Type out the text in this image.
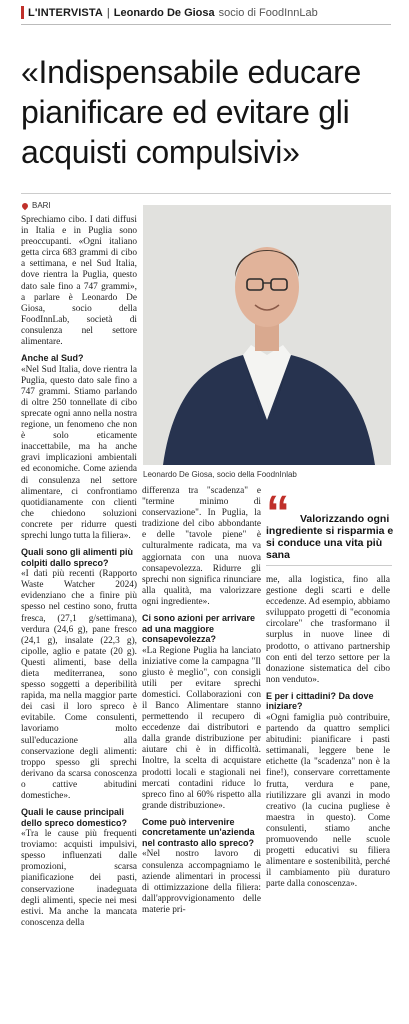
L'INTERVISTA | Leonardo De Giosa socio di FoodInnLab
«Indispensabile educare pianificare ed evitare gli acquisti compulsivi»
BARI

Sprechiamo cibo. I dati diffusi in Italia e in Puglia sono preoccupanti. «Ogni italiano getta circa 683 grammi di cibo a settimana, e nel Sud Italia, dove rientra la Puglia, questo dato sale fino a 747 grammi», a parlare è Leonardo De Giosa, socio della FoodInnLab, società di consulenza nel settore alimentare.

Anche al Sud?

«Nel Sud Italia, dove rientra la Puglia, questo dato sale fino a 747 grammi. Stiamo parlando di oltre 250 tonnellate di cibo sprecate ogni anno nella nostra regione, un fenomeno che non è solo eticamente inaccettabile, ma ha anche gravi implicazioni ambientali ed economiche. Come azienda di consulenza nel settore alimentare, ci confrontiamo quotidianamente con clienti che chiedono soluzioni concrete per ridurre questi sprechi lungo tutta la filiera».

Quali sono gli alimenti più colpiti dallo spreco?

«I dati più recenti (Rapporto Waste Watcher 2024) evidenziano che a finire più spesso nel cestino sono, frutta fresca, (27,1 g/settimana), verdura (24,6 g), pane fresco (24,1 g), insalate (22,3 g), cipolle, aglio e patate (20 g). Questi alimenti, base della dieta mediterranea, sono spesso soggetti a deperibilità rapida, ma nella maggior parte dei casi il loro spreco è evitabile. Come consulenti, lavoriamo molto sull'educazione alla conservazione degli alimenti: troppo spesso gli sprechi derivano da scarsa conoscenza o cattive abitudini domestiche».

Quali le cause principali dello spreco domestico?

«Tra le cause più frequenti troviamo: acquisti impulsivi, spesso influenzati dalle promozioni, scarsa pianificazione dei pasti, conservazione inadeguata degli alimenti, specie nei mesi estivi. Ma anche la mancata conoscenza della

Leonardo De Giosa, socio della FoodnInlab
“ Valorizzando ogni ingrediente si risparmia e si conduce una vita più sana

differenza tra "scadenza" e "termine minimo di conservazione". In Puglia, la tradizione del cibo abbondante e delle "tavole piene" è culturalmente radicata, ma va aggiornata con una nuova consapevolezza. Ridurre gli sprechi non significa rinunciare alla qualità, ma valorizzare ogni ingrediente».

Ci sono azioni per arrivare ad una maggiore consapevolezza?

«La Regione Puglia ha lanciato iniziative come la campagna "Il giusto è meglio", con consigli utili per evitare sprechi domestici. Collaborazioni con il Banco Alimentare stanno permettendo il recupero di eccedenze dai distributori e dalla grande distribuzione per aiutare chi è in difficoltà. Inoltre, la scelta di acquistare prodotti locali e stagionali nei mercati contadini riduce lo spreco fino al 60% rispetto alla grande distribuzione».

Come può intervenire concretamente un'azienda nel contrasto allo spreco?

«Nel nostro lavoro di consulenza accompagniamo le aziende alimentari in processi di ottimizzazione della filiera: dall'approvvigionamento delle materie pri-

me, alla logistica, fino alla gestione degli scarti e delle eccedenze. Ad esempio, abbiamo sviluppato progetti di "economia circolare" che trasformano il surplus in nuove linee di prodotto, o attivano partnership con enti del terzo settore per la donazione sistematica del cibo non venduto».

E per i cittadini? Da dove iniziare?

«Ogni famiglia può contribuire, partendo da quattro semplici abitudini: pianificare i pasti settimanali, leggere bene le etichette (la "scadenza" non è la fine!), conservare correttamente frutta, verdura e pane, riutilizzare gli avanzi in modo creativo (la cucina pugliese è maestra in questo). Come consulenti, stiamo anche promuovendo nelle scuole progetti educativi su filiera alimentare e sostenibilità, perché il cambiamento più duraturo parte dalla conoscenza».
